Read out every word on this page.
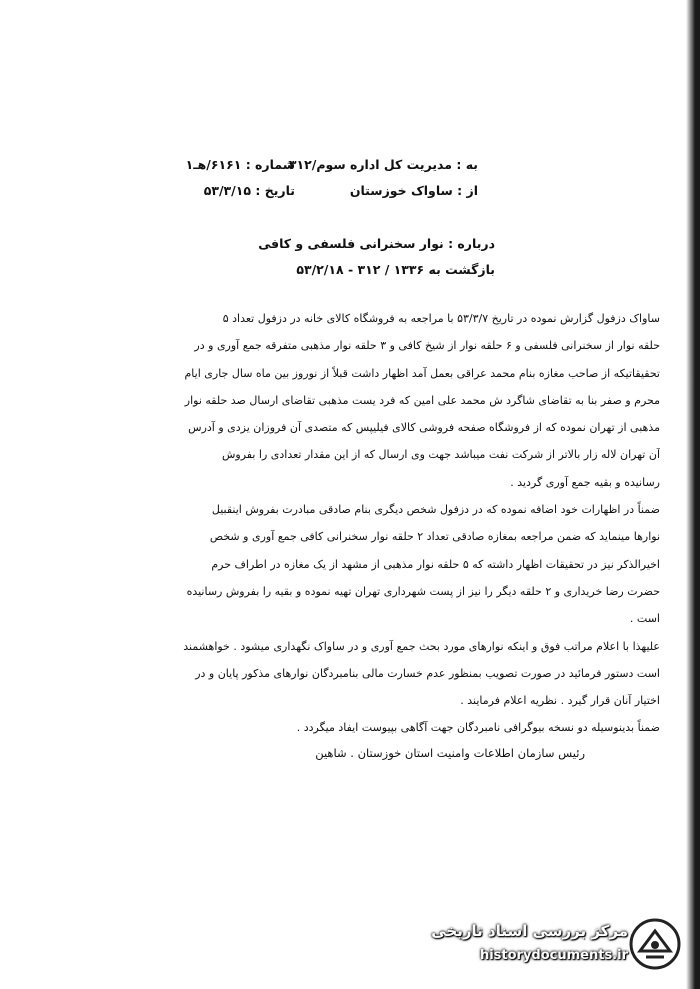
به : مدیریت کل اداره سوم/۳۱۲
از : ساواک خوزستان
شماره : ۶۱۶۱/هـ۱
تاریخ : ۵۳/۳/۱۵
درباره : نوار سخنرانی فلسفی و کافی
بازگشت به ۱۳۳۶ / ۳۱۲ - ۵۳/۲/۱۸
ساواک دزفول گزارش نموده در تاریخ ۵۳/۳/۷ با مراجعه به فروشگاه کالای خانه در دزفول تعداد ۵
حلقه نوار از سخنرانی فلسفی و ۶ حلقه نوار از شیخ کافی و ۳ حلقه نوار مذهبی متفرقه جمع آوری و در
تحقیقاتیکه از صاحب مغازه بنام محمد عراقی بعمل آمد اظهار داشت قبلاً از نوروز بین ماه سال جاری ایام
محرم و صفر بنا به تقاضای شاگرد ش محمد علی امین که فرد یست مذهبی تقاضای ارسال صد حلقه نوار
مذهبی از تهران نموده که از فروشگاه صفحه فروشی کالای فیلیپس که متصدی آن فروزان یزدی و آدرس
آن تهران لاله زار بالاتر از شرکت نفت میباشد جهت وی ارسال که از این مقدار تعدادی را بفروش
رسانیده و بقیه جمع آوری گردید .
ضمناً در اظهارات خود اضافه نموده که در دزفول شخص دیگری بنام صادقی مبادرت بفروش اینقبیل
نوارها مینماید که ضمن مراجعه بمغازه صادقی تعداد ۲ حلقه نوار سخنرانی کافی جمع آوری و شخص
اخیرالذکر نیز در تحقیقات اظهار داشته که ۵ حلقه نوار مذهبی از مشهد از یک مغازه در اطراف حرم
حضرت رضا خریداری و ۲ حلقه دیگر را نیز از پست شهرداری تهران تهیه نموده و بقیه را بفروش رسانیده
است .
علیهذا با اعلام مراتب فوق و اینکه نوارهای مورد بحث جمع آوری و در ساواک نگهداری میشود . خواهشمند
است دستور فرمائید در صورت تصویب بمنظور عدم خسارت مالی بنامبردگان نوارهای مذکور پایان و در
اختیار آنان قرار گیرد . نظریه اعلام فرمایند .
ضمناً بدینوسیله دو نسخه بیوگرافی نامبردگان جهت آگاهی بپیوست ایفاد میگردد .
رئیس سازمان اطلاعات وامنیت استان خوزستان . شاهین
مرکز بررسی اسناد تاریخی
historydocuments.ir
